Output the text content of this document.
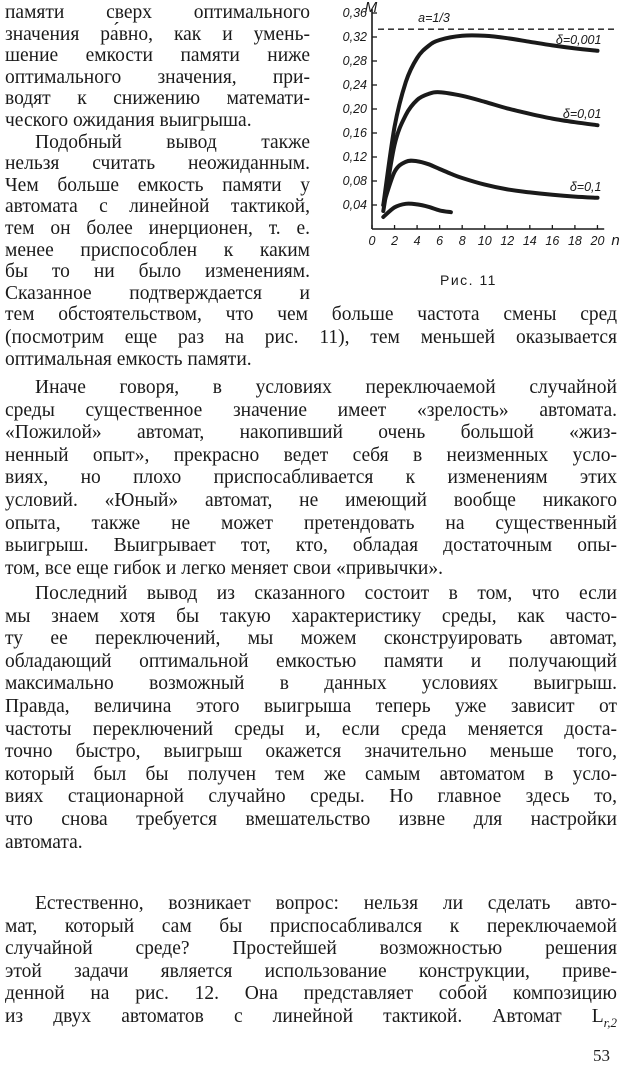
памяти сверх оптимального
значения ра́вно, как и умень-
шение емкости памяти ниже
оптимального значения, при-
водят к снижению математи-
ческого ожидания выигрыша.
Подобный вывод также
нельзя считать неожиданным.
Чем больше емкость памяти у
автомата с линейной тактикой,
тем он более инерционен, т. е.
менее приспособлен к каким
бы то ни было изменениям.
Сказанное подтверждается и
M
n
0,04
0,08
0,12
0,16
0,20
0,24
0,28
0,32
0,36
0 2 4 6 8 10 12 14 16 18 20
a=1/3
δ=0,001
δ=0,01
δ=0,1
Рис. 11
тем обстоятельством, что чем больше частота смены сред
(посмотрим еще раз на рис. 11), тем меньшей оказывается
оптимальная емкость памяти.
Иначе говоря, в условиях переключаемой случайной
среды существенное значение имеет «зрелость» автомата.
«Пожилой» автомат, накопивший очень большой «жиз-
ненный опыт», прекрасно ведет себя в неизменных усло-
виях, но плохо приспосабливается к изменениям этих
условий. «Юный» автомат, не имеющий вообще никакого
опыта, также не может претендовать на существенный
выигрыш. Выигрывает тот, кто, обладая достаточным опы-
том, все еще гибок и легко меняет свои «привычки».
Последний вывод из сказанного состоит в том, что если
мы знаем хотя бы такую характеристику среды, как часто-
ту ее переключений, мы можем сконструировать автомат,
обладающий оптимальной емкостью памяти и получающий
максимально возможный в данных условиях выигрыш.
Правда, величина этого выигрыша теперь уже зависит от
частоты переключений среды и, если среда меняется доста-
точно быстро, выигрыш окажется значительно меньше того,
который был бы получен тем же самым автоматом в усло-
виях стационарной случайно среды. Но главное здесь то,
что снова требуется вмешательство извне для настройки
автомата.
Естественно, возникает вопрос: нельзя ли сделать авто-
мат, который сам бы приспосабливался к переключаемой
случайной среде? Простейшей возможностью решения
этой задачи является использование конструкции, приве-
денной на рис. 12. Она представляет собой композицию
из двух автоматов с линейной тактикой. Автомат $L_{r,2}$
53
